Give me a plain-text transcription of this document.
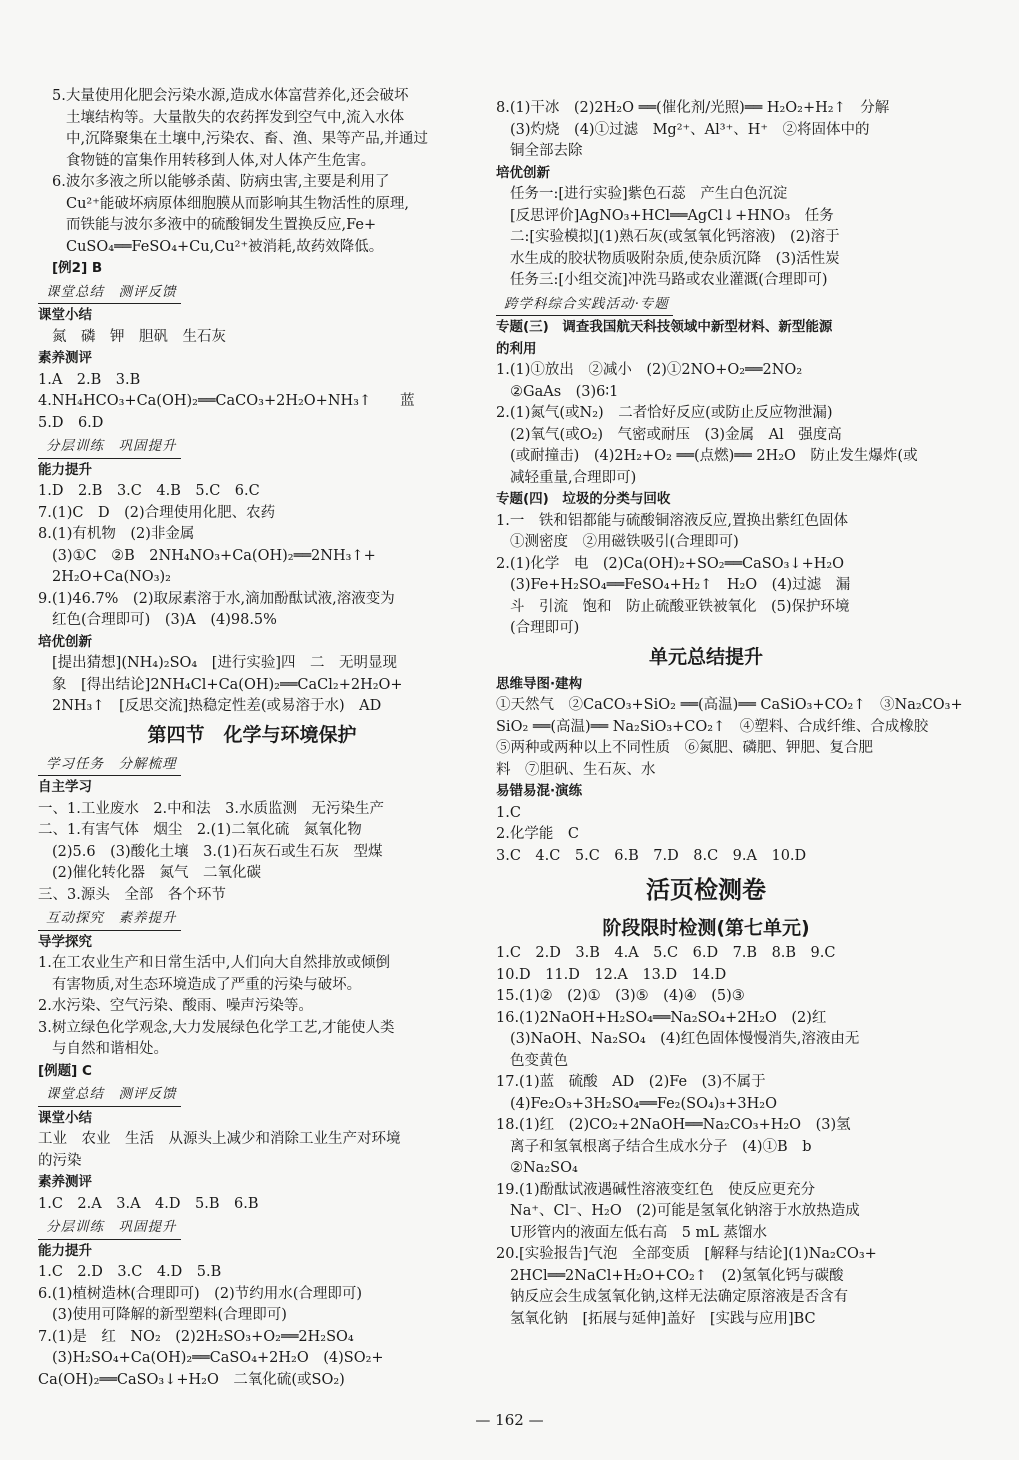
5.大量使用化肥会污染水源,造成水体富营养化,还会破坏
土壤结构等。大量散失的农药挥发到空气中,流入水体
中,沉降聚集在土壤中,污染农、畜、渔、果等产品,并通过
食物链的富集作用转移到人体,对人体产生危害。
6.波尔多液之所以能够杀菌、防病虫害,主要是利用了
Cu²⁺能破坏病原体细胞膜从而影响其生物活性的原理,
而铁能与波尔多液中的硫酸铜发生置换反应,Fe+
CuSO₄══FeSO₄+Cu,Cu²⁺被消耗,故药效降低。
[例2] B
课堂总结　测评反馈
课堂小结
氮　磷　钾　胆矾　生石灰
素养测评
1.A　2.B　3.B
4.NH₄HCO₃+Ca(OH)₂══CaCO₃+2H₂O+NH₃↑　　蓝
5.D　6.D
分层训练　巩固提升
能力提升
1.D　2.B　3.C　4.B　5.C　6.C
7.(1)C　D　(2)合理使用化肥、农药
8.(1)有机物　(2)非金属
(3)①C　②B　2NH₄NO₃+Ca(OH)₂══2NH₃↑+
2H₂O+Ca(NO₃)₂
9.(1)46.7%　(2)取尿素溶于水,滴加酚酞试液,溶液变为
红色(合理即可)　(3)A　(4)98.5%
培优创新
[提出猜想](NH₄)₂SO₄　[进行实验]四　二　无明显现
象　[得出结论]2NH₄Cl+Ca(OH)₂══CaCl₂+2H₂O+
2NH₃↑　[反思交流]热稳定性差(或易溶于水)　AD
第四节　化学与环境保护
学习任务　分解梳理
自主学习
一、1.工业废水　2.中和法　3.水质监测　无污染生产
二、1.有害气体　烟尘　2.(1)二氧化硫　氮氧化物
(2)5.6　(3)酸化土壤　3.(1)石灰石或生石灰　型煤
(2)催化转化器　氮气　二氧化碳
三、3.源头　全部　各个环节
互动探究　素养提升
导学探究
1.在工农业生产和日常生活中,人们向大自然排放或倾倒
有害物质,对生态环境造成了严重的污染与破坏。
2.水污染、空气污染、酸雨、噪声污染等。
3.树立绿色化学观念,大力发展绿色化学工艺,才能使人类
与自然和谐相处。
[例题] C
课堂总结　测评反馈
课堂小结
工业　农业　生活　从源头上减少和消除工业生产对环境
的污染
素养测评
1.C　2.A　3.A　4.D　5.B　6.B
分层训练　巩固提升
能力提升
1.C　2.D　3.C　4.D　5.B
6.(1)植树造林(合理即可)　(2)节约用水(合理即可)
(3)使用可降解的新型塑料(合理即可)
7.(1)是　红　NO₂　(2)2H₂SO₃+O₂══2H₂SO₄
(3)H₂SO₄+Ca(OH)₂══CaSO₄+2H₂O　(4)SO₂+
Ca(OH)₂══CaSO₃↓+H₂O　二氧化硫(或SO₂)
8.(1)干冰　(2)2H₂O ══(催化剂/光照)══ H₂O₂+H₂↑　分解
(3)灼烧　(4)①过滤　Mg²⁺、Al³⁺、H⁺　②将固体中的
铜全部去除
培优创新
任务一:[进行实验]紫色石蕊　产生白色沉淀
[反思评价]AgNO₃+HCl══AgCl↓+HNO₃　任务
二:[实验模拟](1)熟石灰(或氢氧化钙溶液)　(2)溶于
水生成的胶状物质吸附杂质,使杂质沉降　(3)活性炭
任务三:[小组交流]冲洗马路或农业灌溉(合理即可)
跨学科综合实践活动·专题
专题(三)　调查我国航天科技领域中新型材料、新型能源
的利用
1.(1)①放出　②减小　(2)①2NO+O₂══2NO₂
②GaAs　(3)6∶1
2.(1)氮气(或N₂)　二者恰好反应(或防止反应物泄漏)
(2)氧气(或O₂)　气密或耐压　(3)金属　Al　强度高
(或耐撞击)　(4)2H₂+O₂ ══(点燃)══ 2H₂O　防止发生爆炸(或
减轻重量,合理即可)
专题(四)　垃圾的分类与回收
1.一　铁和铝都能与硫酸铜溶液反应,置换出紫红色固体
①测密度　②用磁铁吸引(合理即可)
2.(1)化学　电　(2)Ca(OH)₂+SO₂══CaSO₃↓+H₂O
(3)Fe+H₂SO₄══FeSO₄+H₂↑　H₂O　(4)过滤　漏
斗　引流　饱和　防止硫酸亚铁被氧化　(5)保护环境
(合理即可)
单元总结提升
思维导图·建构
①天然气　②CaCO₃+SiO₂ ══(高温)══ CaSiO₃+CO₂↑　③Na₂CO₃+
SiO₂ ══(高温)══ Na₂SiO₃+CO₂↑　④塑料、合成纤维、合成橡胶
⑤两种或两种以上不同性质　⑥氮肥、磷肥、钾肥、复合肥
料　⑦胆矾、生石灰、水
易错易混·演练
1.C
2.化学能　C
3.C　4.C　5.C　6.B　7.D　8.C　9.A　10.D
活页检测卷
阶段限时检测(第七单元)
1.C　2.D　3.B　4.A　5.C　6.D　7.B　8.B　9.C
10.D　11.D　12.A　13.D　14.D
15.(1)②　(2)①　(3)⑤　(4)④　(5)③
16.(1)2NaOH+H₂SO₄══Na₂SO₄+2H₂O　(2)红
(3)NaOH、Na₂SO₄　(4)红色固体慢慢消失,溶液由无
色变黄色
17.(1)蓝　硫酸　AD　(2)Fe　(3)不属于
(4)Fe₂O₃+3H₂SO₄══Fe₂(SO₄)₃+3H₂O
18.(1)红　(2)CO₂+2NaOH══Na₂CO₃+H₂O　(3)氢
离子和氢氧根离子结合生成水分子　(4)①B　b
②Na₂SO₄
19.(1)酚酞试液遇碱性溶液变红色　使反应更充分
Na⁺、Cl⁻、H₂O　(2)可能是氢氧化钠溶于水放热造成
U形管内的液面左低右高　5 mL 蒸馏水
20.[实验报告]气泡　全部变质　[解释与结论](1)Na₂CO₃+
2HCl══2NaCl+H₂O+CO₂↑　(2)氢氧化钙与碳酸
钠反应会生成氢氧化钠,这样无法确定原溶液是否含有
氢氧化钠　[拓展与延伸]盖好　[实践与应用]BC
— 162 —
